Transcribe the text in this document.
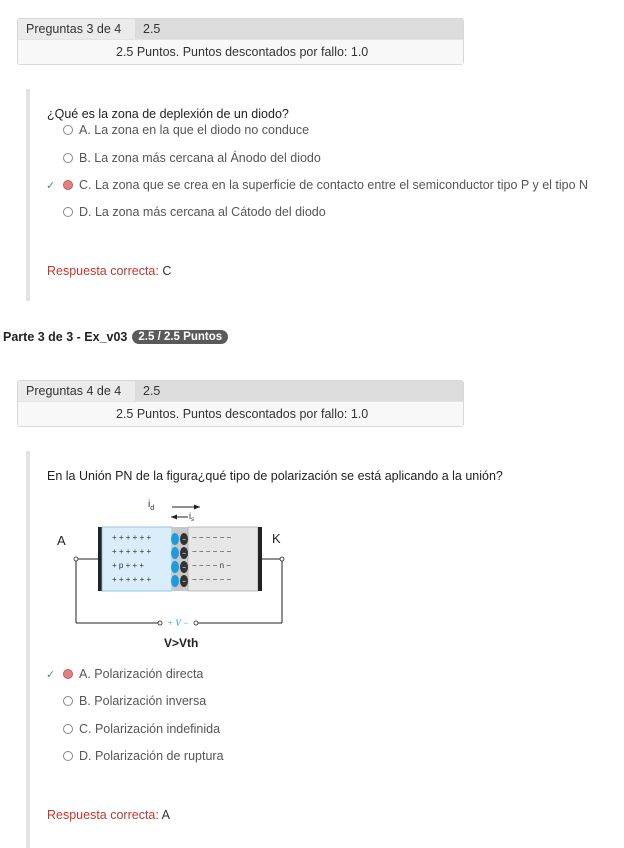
Preguntas 3 de 4	2.5
2.5 Puntos. Puntos descontados por fallo: 1.0
¿Qué es la zona de deplexión de un diodo?
A. La zona en la que el diodo no conduce
B. La zona más cercana al Ánodo del diodo
✓ C. La zona que se crea en la superficie de contacto entre el semiconductor tipo P y el tipo N
D. La zona más cercana al Cátodo del diodo
Respuesta correcta: C
Parte 3 de 3 - Ex_v03 2.5 / 2.5 Puntos
Preguntas 4 de 4	2.5
2.5 Puntos. Puntos descontados por fallo: 1.0
En la Unión PN de la figura¿qué tipo de polarización se está aplicando a la unión?
$i_d$
$i_s$
A	K
+ + + + + +
+ + + + + +
+ p + + +
+ + + + + +
− − − − − −
− − − − − −
− − − − n −
− − − − − −
−
−
−
−
+ V −
V>Vth
✓ A. Polarización directa
B. Polarización inversa
C. Polarización indefinida
D. Polarización de ruptura
Respuesta correcta: A
